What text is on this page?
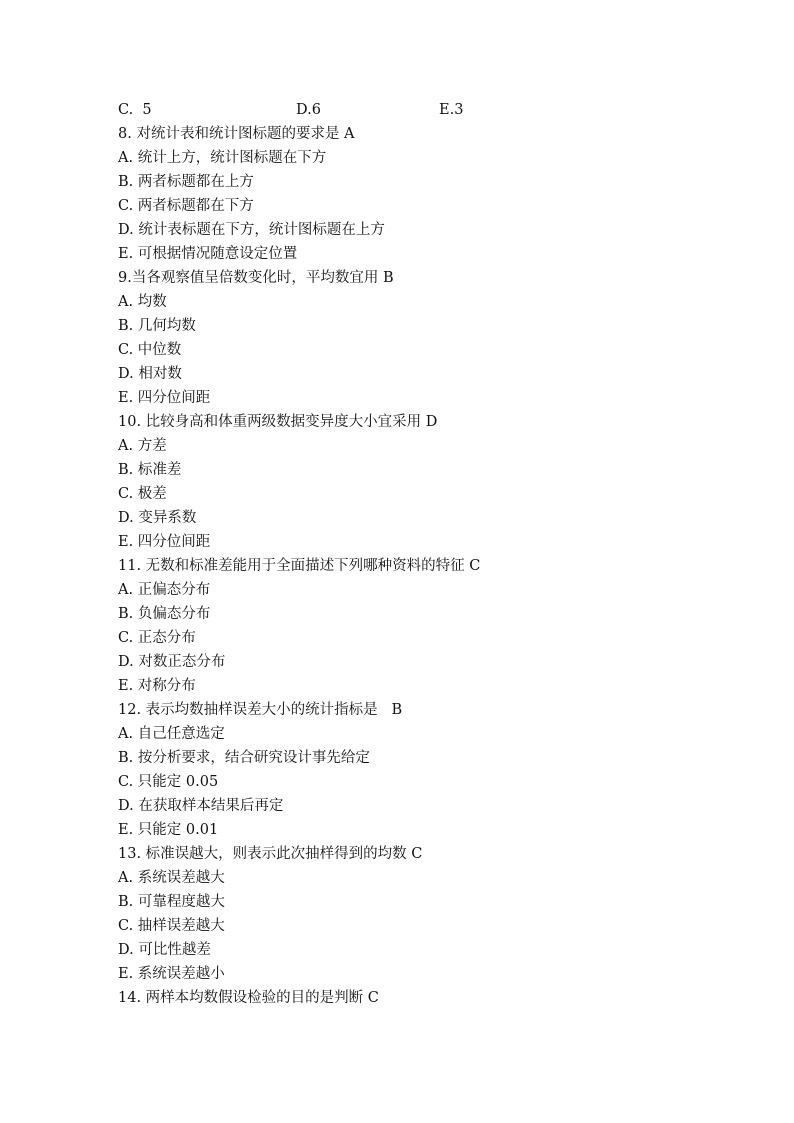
C.  5	D.6	E.3
8. 对统计表和统计图标题的要求是 A
A. 统计上方，统计图标题在下方
B. 两者标题都在上方
C. 两者标题都在下方
D. 统计表标题在下方，统计图标题在上方
E. 可根据情况随意设定位置
9.当各观察值呈倍数变化时，平均数宜用 B
A. 均数
B. 几何均数
C. 中位数
D. 相对数
E. 四分位间距
10. 比较身高和体重两级数据变异度大小宜采用 D
A. 方差
B. 标准差
C. 极差
D. 变异系数
E. 四分位间距
11. 无数和标准差能用于全面描述下列哪种资料的特征 C
A. 正偏态分布
B. 负偏态分布
C. 正态分布
D. 对数正态分布
E. 对称分布
12. 表示均数抽样误差大小的统计指标是   B
A. 自己任意选定
B. 按分析要求，结合研究设计事先给定
C. 只能定 0.05
D. 在获取样本结果后再定
E. 只能定 0.01
13. 标准误越大，则表示此次抽样得到的均数 C
A. 系统误差越大
B. 可靠程度越大
C. 抽样误差越大
D. 可比性越差
E. 系统误差越小
14. 两样本均数假设检验的目的是判断 C
